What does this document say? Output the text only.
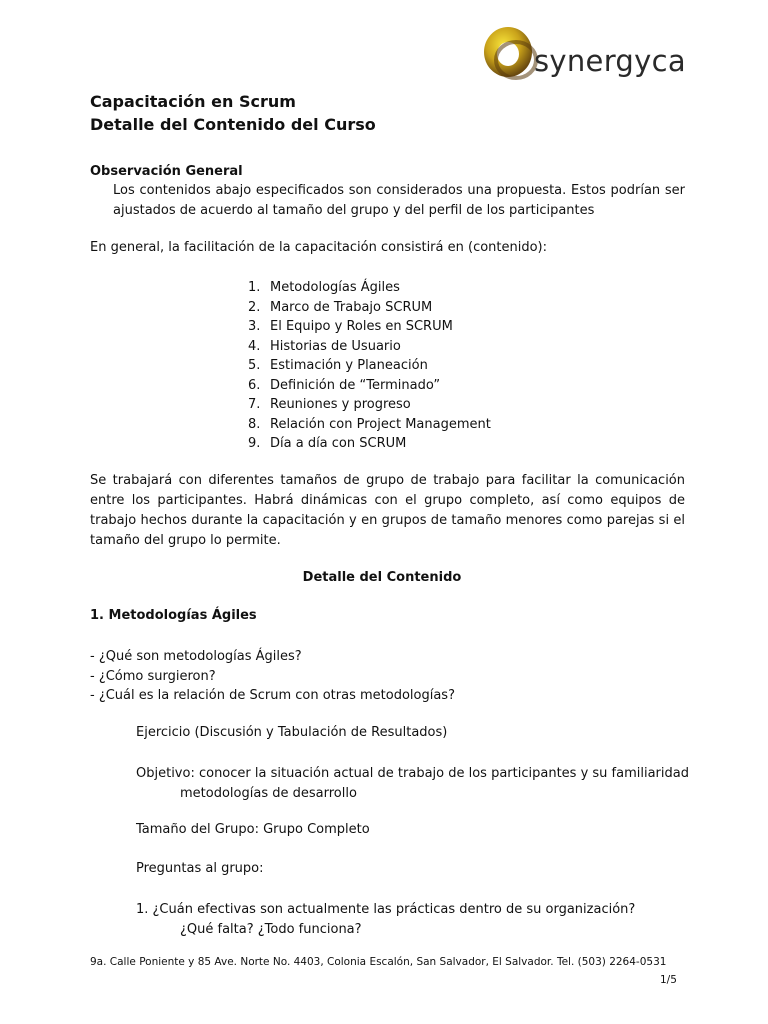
synergyca
Capacitación en Scrum
Detalle del Contenido del Curso
Observación General
Los contenidos abajo especificados son considerados una propuesta. Estos podrían ser ajustados de acuerdo al tamaño del grupo y del perfil de los participantes
En general, la facilitación de la capacitación consistirá en (contenido):
1. Metodologías Ágiles
2. Marco de Trabajo SCRUM
3. El Equipo y Roles en SCRUM
4. Historias de Usuario
5. Estimación y Planeación
6. Definición de “Terminado”
7. Reuniones y progreso
8. Relación con Project Management
9. Día a día con SCRUM
Se trabajará con diferentes tamaños de grupo de trabajo para facilitar la comunicación entre los participantes. Habrá dinámicas con el grupo completo, así como equipos de trabajo hechos durante la capacitación y en grupos de tamaño menores como parejas si el tamaño del grupo lo permite.
Detalle del Contenido
1. Metodologías Ágiles
- ¿Qué son metodologías Ágiles?
- ¿Cómo surgieron?
- ¿Cuál es la relación de Scrum con otras metodologías?
Ejercicio (Discusión y Tabulación de Resultados)
Objetivo: conocer la situación actual de trabajo de los participantes y su familiaridad
metodologías de desarrollo
Tamaño del Grupo: Grupo Completo
Preguntas al grupo:
1. ¿Cuán efectivas son actualmente las prácticas dentro de su organización?
¿Qué falta? ¿Todo funciona?
9a. Calle Poniente y 85 Ave. Norte No. 4403, Colonia Escalón, San Salvador, El Salvador. Tel. (503) 2264-0531
1/5
